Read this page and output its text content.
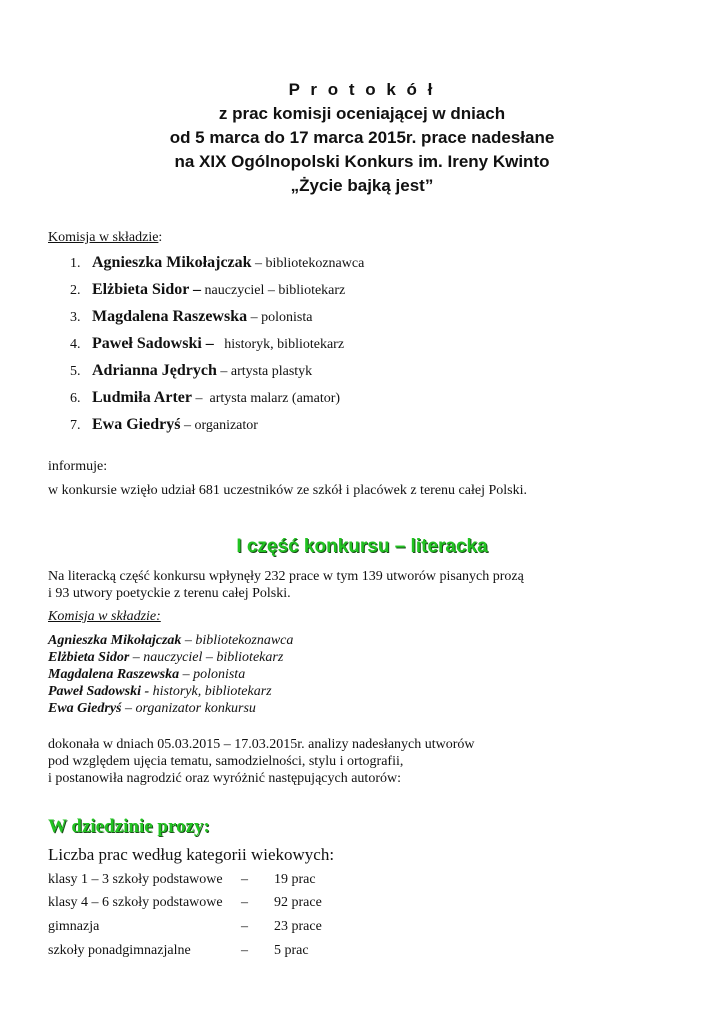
P r o t o k ó ł
z prac komisji oceniającej w dniach
od 5 marca do 17 marca 2015r. prace nadesłane
na XIX Ogólnopolski Konkurs im. Ireny Kwinto
„Życie bajką jest”
Komisja w składzie:
1. Agnieszka Mikołajczak – bibliotekoznawca
2. Elżbieta Sidor – nauczyciel – bibliotekarz
3. Magdalena Raszewska – polonista
4. Paweł Sadowski –   historyk, bibliotekarz
5. Adrianna Jędrych – artysta plastyk
6. Ludmiła Arter –  artysta malarz (amator)
7. Ewa Giedryś – organizator
informuje:
w konkursie wzięło udział 681 uczestników ze szkół i placówek z terenu całej Polski.
I część konkursu – literacka
Na literacką część konkursu wpłynęły 232 prace w tym 139 utworów pisanych prozą
i 93 utwory poetyckie z terenu całej Polski.
Komisja w składzie:
Agnieszka Mikołajczak – bibliotekoznawca
Elżbieta Sidor – nauczyciel – bibliotekarz
Magdalena Raszewska – polonista
Paweł Sadowski - historyk, bibliotekarz
Ewa Giedryś – organizator konkursu
dokonała w dniach 05.03.2015 – 17.03.2015r. analizy nadesłanych utworów
pod względem ujęcia tematu, samodzielności, stylu i ortografii,
i postanowiła nagrodzić oraz wyróżnić następujących autorów:
W dziedzinie prozy:
Liczba prac według kategorii wiekowych:
klasy 1 – 3 szkoły podstawowe – 19 prac
klasy 4 – 6 szkoły podstawowe – 92 prace
gimnazja	– 23 prace
szkoły ponadgimnazjalne	– 5 prac
